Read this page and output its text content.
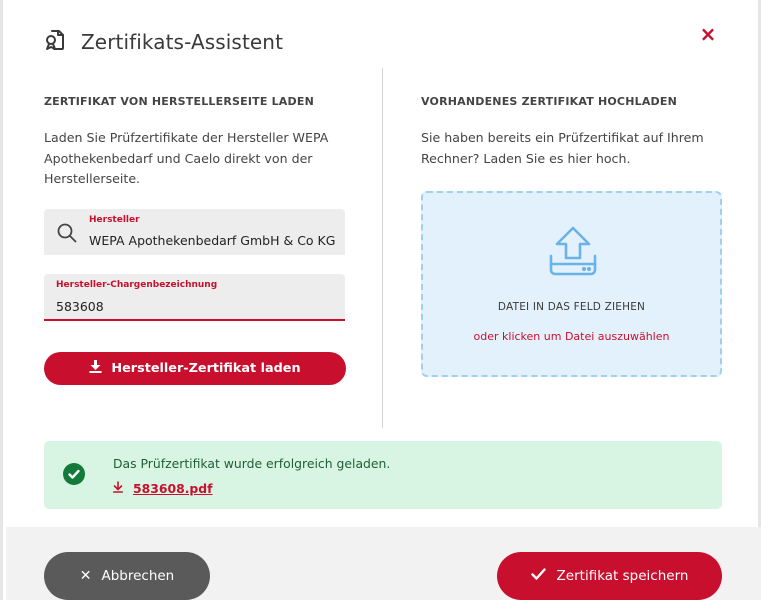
Zertifikats-Assistent	×
ZERTIFIKAT VON HERSTELLERSEITE LADEN
Laden Sie Prüfzertifikate der Hersteller WEPA Apothekenbedarf und Caelo direkt von der Herstellerseite.
Hersteller
WEPA Apothekenbedarf GmbH & Co KG
Hersteller-Chargenbezeichnung
583608
Hersteller-Zertifikat laden
VORHANDENES ZERTIFIKAT HOCHLADEN
Sie haben bereits ein Prüfzertifikat auf Ihrem Rechner? Laden Sie es hier hoch.
DATEI IN DAS FELD ZIEHEN
oder klicken um Datei auszuwählen
Das Prüfzertifikat wurde erfolgreich geladen.
583608.pdf
✕ Abbrechen	Zertifikat speichern
